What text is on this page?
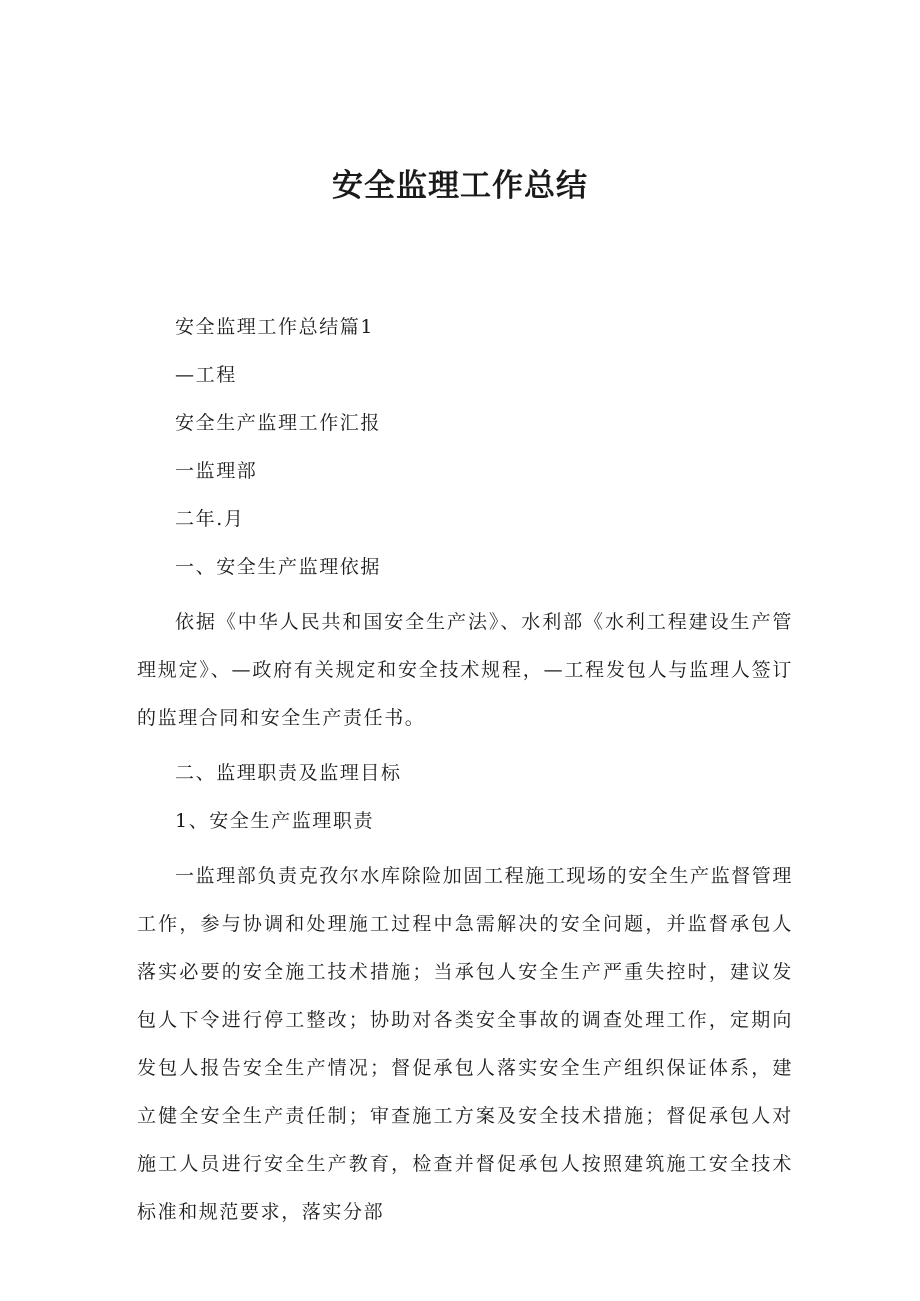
安全监理工作总结

安全监理工作总结篇1

—工程

安全生产监理工作汇报

一监理部

二年.月

一、安全生产监理依据

依据《中华人民共和国安全生产法》、水利部《水利工程建设生产管理规定》、—政府有关规定和安全技术规程，—工程发包人与监理人签订的监理合同和安全生产责任书。

二、监理职责及监理目标

1、安全生产监理职责

一监理部负责克孜尔水库除险加固工程施工现场的安全生产监督管理工作，参与协调和处理施工过程中急需解决的安全问题，并监督承包人落实必要的安全施工技术措施；当承包人安全生产严重失控时，建议发包人下令进行停工整改；协助对各类安全事故的调查处理工作，定期向发包人报告安全生产情况；督促承包人落实安全生产组织保证体系，建立健全安全生产责任制；审查施工方案及安全技术措施；督促承包人对施工人员进行安全生产教育，检查并督促承包人按照建筑施工安全技术标准和规范要求，落实分部
